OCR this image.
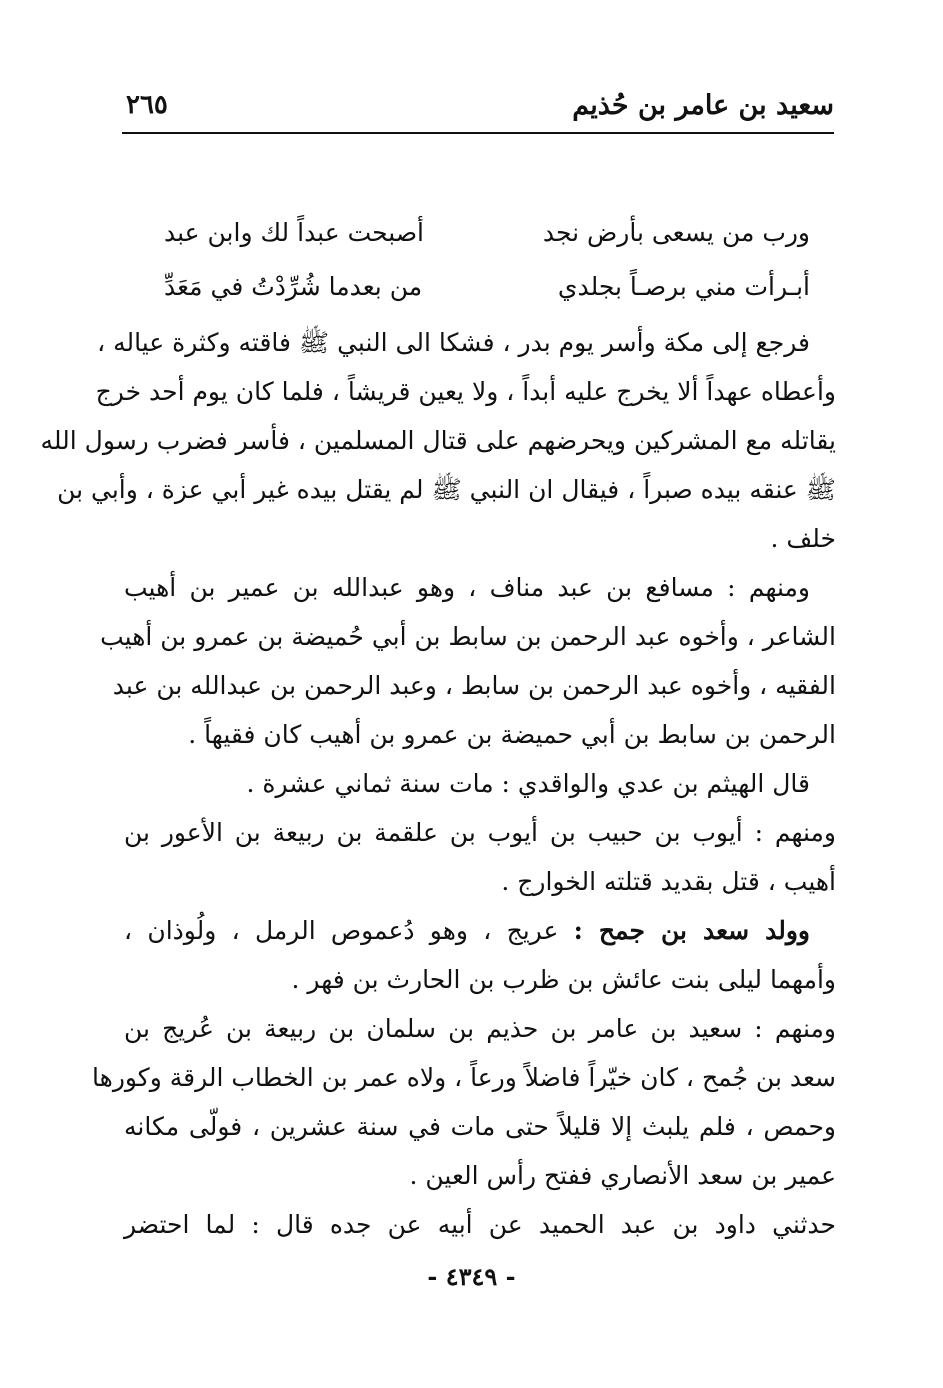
سعيد بن عامر بن حُذيم
٢٦٥
ورب من يسعى بأرض نجد
أصبحت عبداً لك وابن عبد
أبـرأت مني برصـاً بجلدي
من بعدما شُرِّدْتُ في مَعَدِّ
فرجع إلى مكة وأسر يوم بدر ، فشكا الى النبي ﷺ فاقته وكثرة عياله ،
وأعطاه عهداً ألا يخرج عليه أبداً ، ولا يعين قريشاً ، فلما كان يوم أحد خرج
يقاتله مع المشركين ويحرضهم على قتال المسلمين ، فأسر فضرب رسول الله
ﷺ عنقه بيده صبراً ، فيقال ان النبي ﷺ لم يقتل بيده غير أبي عزة ، وأبي بن
خلف .
ومنهم : مسافع بن عبد مناف ، وهو عبدالله بن عمير بن أهيب
الشاعر ، وأخوه عبد الرحمن بن سابط بن أبي حُميضة بن عمرو بن أهيب
الفقيه ، وأخوه عبد الرحمن بن سابط ، وعبد الرحمن بن عبدالله بن عبد
الرحمن بن سابط بن أبي حميضة بن عمرو بن أهيب كان فقيهاً .
قال الهيثم بن عدي والواقدي : مات سنة ثماني عشرة .
ومنهم : أيوب بن حبيب بن أيوب بن علقمة بن ربيعة بن الأعور بن
أهيب ، قتل بقديد قتلته الخوارج .
وولد سعد بن جمح : عريج ، وهو دُعموص الرمل ، ولُوذان ،
وأمهما ليلى بنت عائش بن ظرب بن الحارث بن فهر .
ومنهم : سعيد بن عامر بن حذيم بن سلمان بن ربيعة بن عُريج بن
سعد بن جُمح ، كان خيّراً فاضلاً ورعاً ، ولاه عمر بن الخطاب الرقة وكورها
وحمص ، فلم يلبث إلا قليلاً حتى مات في سنة عشرين ، فولّى مكانه
عمير بن سعد الأنصاري ففتح رأس العين .
حدثني داود بن عبد الحميد عن أبيه عن جده قال : لما احتضر
- ٤٣٤٩ -
